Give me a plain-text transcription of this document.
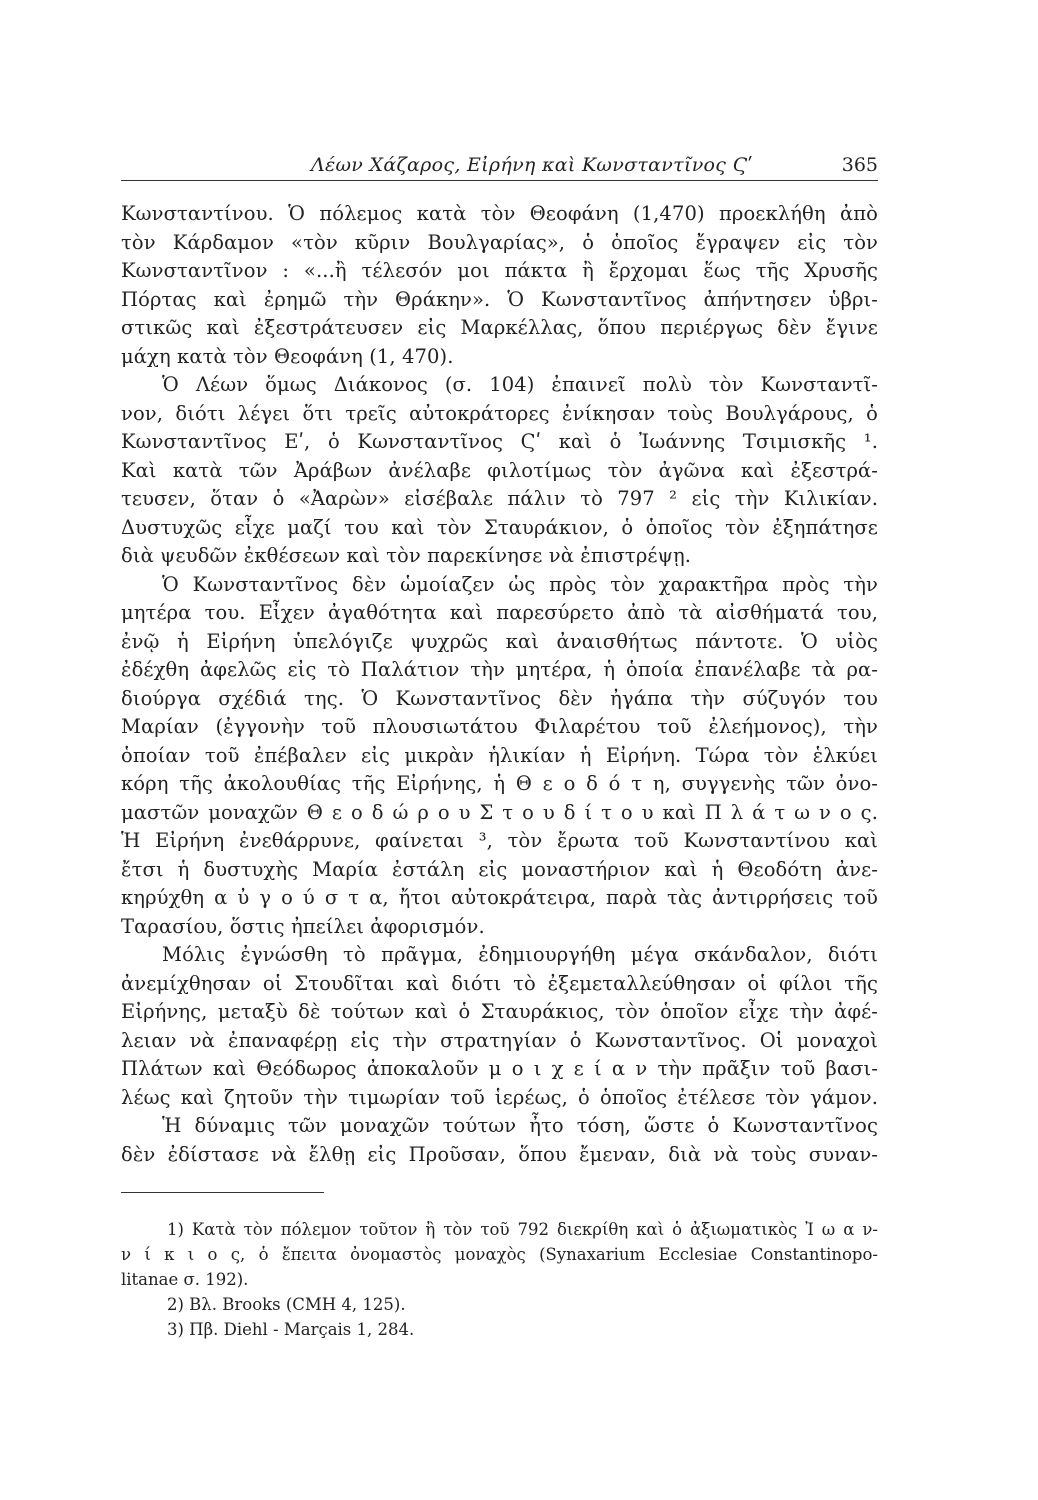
Λέων Χάζαρος, Εἰρήνη καὶ Κωνσταντῖνος Ϛʹ	365
Κωνσταντίνου. Ὁ πόλεμος κατὰ τὸν Θεοφάνη (1,470) προεκλήθη ἀπὸ
τὸν Κάρδαμον «τὸν κῦριν Βουλγαρίας», ὁ ὁποῖος ἔγραψεν εἰς τὸν
Κωνσταντῖνον : «...ἢ τέλεσόν μοι πάκτα ἢ ἔρχομαι ἕως τῆς Χρυσῆς
Πόρτας καὶ ἐρημῶ τὴν Θράκην». Ὁ Κωνσταντῖνος ἀπήντησεν ὑβρι-
στικῶς καὶ ἐξεστράτευσεν εἰς Μαρκέλλας, ὅπου περιέργως δὲν ἔγινε
μάχη κατὰ τὸν Θεοφάνη (1, 470).
Ὁ Λέων ὅμως Διάκονος (σ. 104) ἐπαινεῖ πολὺ τὸν Κωνσταντῖ-
νον, διότι λέγει ὅτι τρεῖς αὐτοκράτορες ἐνίκησαν τοὺς Βουλγάρους, ὁ
Κωνσταντῖνος Εʹ, ὁ Κωνσταντῖνος Ϛʹ καὶ ὁ Ἰωάννης Τσιμισκῆς ¹.
Καὶ κατὰ τῶν Ἀράβων ἀνέλαβε φιλοτίμως τὸν ἀγῶνα καὶ ἐξεστρά-
τευσεν, ὅταν ὁ «Ἀαρὼν» εἰσέβαλε πάλιν τὸ 797 ² εἰς τὴν Κιλικίαν.
Δυστυχῶς εἶχε μαζί του καὶ τὸν Σταυράκιον, ὁ ὁποῖος τὸν ἐξηπάτησε
διὰ ψευδῶν ἐκθέσεων καὶ τὸν παρεκίνησε νὰ ἐπιστρέψῃ.
Ὁ Κωνσταντῖνος δὲν ὡμοίαζεν ὡς πρὸς τὸν χαρακτῆρα πρὸς τὴν
μητέρα του. Εἶχεν ἀγαθότητα καὶ παρεσύρετο ἀπὸ τὰ αἰσθήματά του,
ἐνῷ ἡ Εἰρήνη ὑπελόγιζε ψυχρῶς καὶ ἀναισθήτως πάντοτε. Ὁ υἱὸς
ἐδέχθη ἀφελῶς εἰς τὸ Παλάτιον τὴν μητέρα, ἡ ὁποία ἐπανέλαβε τὰ ρα-
διούργα σχέδιά της. Ὁ Κωνσταντῖνος δὲν ἠγάπα τὴν σύζυγόν του
Μαρίαν (ἐγγονὴν τοῦ πλουσιωτάτου Φιλαρέτου τοῦ ἐλεήμονος), τὴν
ὁποίαν τοῦ ἐπέβαλεν εἰς μικρὰν ἡλικίαν ἡ Εἰρήνη. Τώρα τὸν ἑλκύει
κόρη τῆς ἀκολουθίας τῆς Εἰρήνης, ἡ Θ ε ο δ ό τ η, συγγενὴς τῶν ὀνο-
μαστῶν μοναχῶν Θ ε ο δ ώ ρ ο υ Σ τ ο υ δ ί τ ο υ καὶ Π λ ά τ ω ν ο ς.
Ἡ Εἰρήνη ἐνεθάρρυνε, φαίνεται ³, τὸν ἔρωτα τοῦ Κωνσταντίνου καὶ
ἔτσι ἡ δυστυχὴς Μαρία ἐστάλη εἰς μοναστήριον καὶ ἡ Θεοδότη ἀνε-
κηρύχθη α ὐ γ ο ύ σ τ α, ἤτοι αὐτοκράτειρα, παρὰ τὰς ἀντιρρήσεις τοῦ
Ταρασίου, ὅστις ἠπείλει ἀφορισμόν.
Μόλις ἐγνώσθη τὸ πρᾶγμα, ἐδημιουργήθη μέγα σκάνδαλον, διότι
ἀνεμίχθησαν οἱ Στουδῖται καὶ διότι τὸ ἐξεμεταλλεύθησαν οἱ φίλοι τῆς
Εἰρήνης, μεταξὺ δὲ τούτων καὶ ὁ Σταυράκιος, τὸν ὁποῖον εἶχε τὴν ἀφέ-
λειαν νὰ ἐπαναφέρῃ εἰς τὴν στρατηγίαν ὁ Κωνσταντῖνος. Οἱ μοναχοὶ
Πλάτων καὶ Θεόδωρος ἀποκαλοῦν μ ο ι χ ε ί α ν τὴν πρᾶξιν τοῦ βασι-
λέως καὶ ζητοῦν τὴν τιμωρίαν τοῦ ἱερέως, ὁ ὁποῖος ἐτέλεσε τὸν γάμον.
Ἡ δύναμις τῶν μοναχῶν τούτων ἦτο τόση, ὥστε ὁ Κωνσταντῖνος
δὲν ἐδίστασε νὰ ἔλθῃ εἰς Προῦσαν, ὅπου ἔμεναν, διὰ νὰ τοὺς συναν-
1) Κατὰ τὸν πόλεμον τοῦτον ἢ τὸν τοῦ 792 διεκρίθη καὶ ὁ ἀξιωματικὸς Ἰ ω α ν-
ν ί κ ι ο ς, ὁ ἔπειτα ὀνομαστὸς μοναχὸς (Synaxarium Ecclesiae Constantinopo-
litanae σ. 192).
2) Βλ. Brooks (CMH 4, 125).
3) Πβ. Diehl - Marçais 1, 284.
